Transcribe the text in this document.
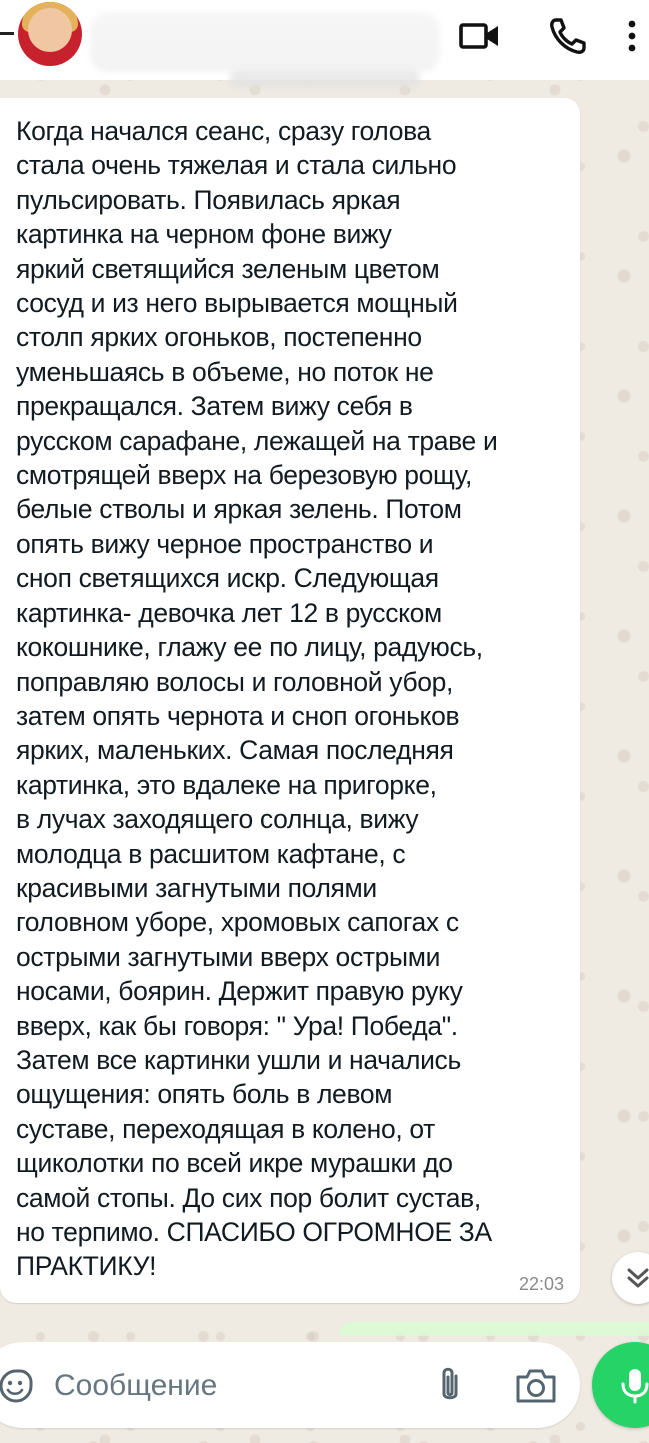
Когда начался сеанс, сразу голова
стала очень тяжелая и стала сильно
пульсировать. Появилась яркая
картинка на черном фоне вижу
яркий светящийся зеленым цветом
сосуд и из него вырывается мощный
столп ярких огоньков, постепенно
уменьшаясь в объеме, но поток не
прекращался. Затем вижу себя в
русском сарафане, лежащей на траве и
смотрящей вверх на березовую рощу,
белые стволы и яркая зелень. Потом
опять вижу черное пространство и
сноп светящихся искр. Следующая
картинка- девочка лет 12 в русском
кокошнике, глажу ее по лицу, радуюсь,
поправляю волосы и головной убор,
затем опять чернота и сноп огоньков
ярких, маленьких. Самая последняя
картинка, это вдалеке на пригорке,
в лучах заходящего солнца, вижу
молодца в расшитом кафтане, с
красивыми загнутыми полями
головном уборе, хромовых сапогах с
острыми загнутыми вверх острыми
носами, боярин. Держит правую руку
вверх, как бы говоря: " Ура! Победа".
Затем все картинки ушли и начались
ощущения: опять боль в левом
суставе, переходящая в колено, от
щиколотки по всей икре мурашки до
самой стопы. До сих пор болит сустав,
но терпимо. СПАСИБО ОГРОМНОЕ ЗА
ПРАКТИКУ!

22:03
Сообщение
